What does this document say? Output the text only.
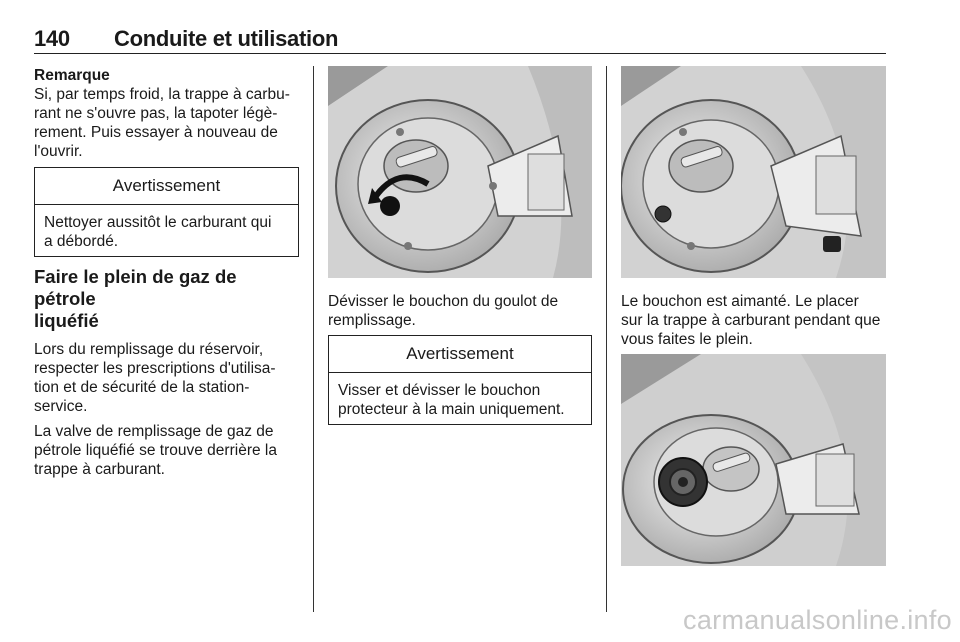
140 Conduite et utilisation
Remarque
Si, par temps froid, la trappe à carbu-
rant ne s'ouvre pas, la tapoter légè-
rement. Puis essayer à nouveau de
l'ouvrir.
Avertissement
Nettoyer aussitôt le carburant qui
a débordé.
Faire le plein de gaz de pétrole
liquéfié
Lors du remplissage du réservoir,
respecter les prescriptions d'utilisa-
tion et de sécurité de la station-
service.
La valve de remplissage de gaz de
pétrole liquéfié se trouve derrière la
trappe à carburant.
Dévisser le bouchon du goulot de
remplissage.
Avertissement
Visser et dévisser le bouchon
protecteur à la main uniquement.
Le bouchon est aimanté. Le placer
sur la trappe à carburant pendant que
vous faites le plein.
carmanualsonline.info
